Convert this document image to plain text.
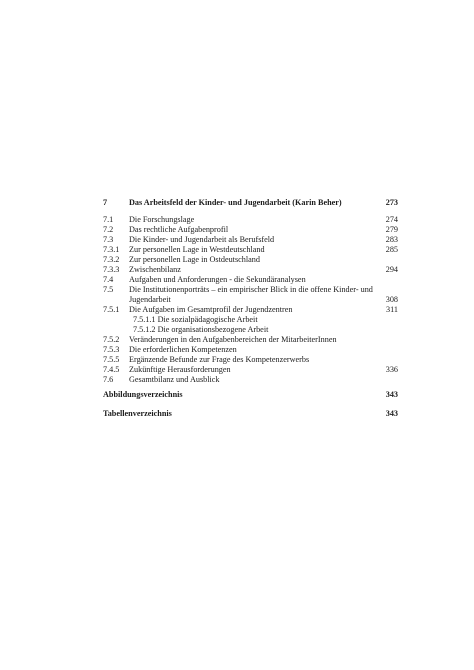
7	Das Arbeitsfeld der Kinder- und Jugendarbeit (Karin Beher)	273
7.1	Die Forschungslage	274
7.2	Das rechtliche Aufgabenprofil	279
7.3	Die Kinder- und Jugendarbeit als Berufsfeld	283
7.3.1	Zur personellen Lage in Westdeutschland	285
7.3.2	Zur personellen Lage in Ostdeutschland
7.3.3	Zwischenbilanz	294
7.4	Aufgaben und Anforderungen - die Sekundäranalysen
7.5	Die Institutionenporträts – ein empirischer Blick in die offene Kinder- und Jugendarbeit	308
7.5.1	Die Aufgaben im Gesamtprofil der Jugendzentren	311
7.5.1.1 Die sozialpädagogische Arbeit
7.5.1.2 Die organisationsbezogene Arbeit
7.5.2	Veränderungen in den Aufgabenbereichen der MitarbeiterInnen
7.5.3	Die erforderlichen Kompetenzen
7.5.5	Ergänzende Befunde zur Frage des Kompetenzerwerbs
7.4.5	Zukünftige Herausforderungen	336
7.6	Gesamtbilanz und Ausblick
Abbildungsverzeichnis	343
Tabellenverzeichnis	343
